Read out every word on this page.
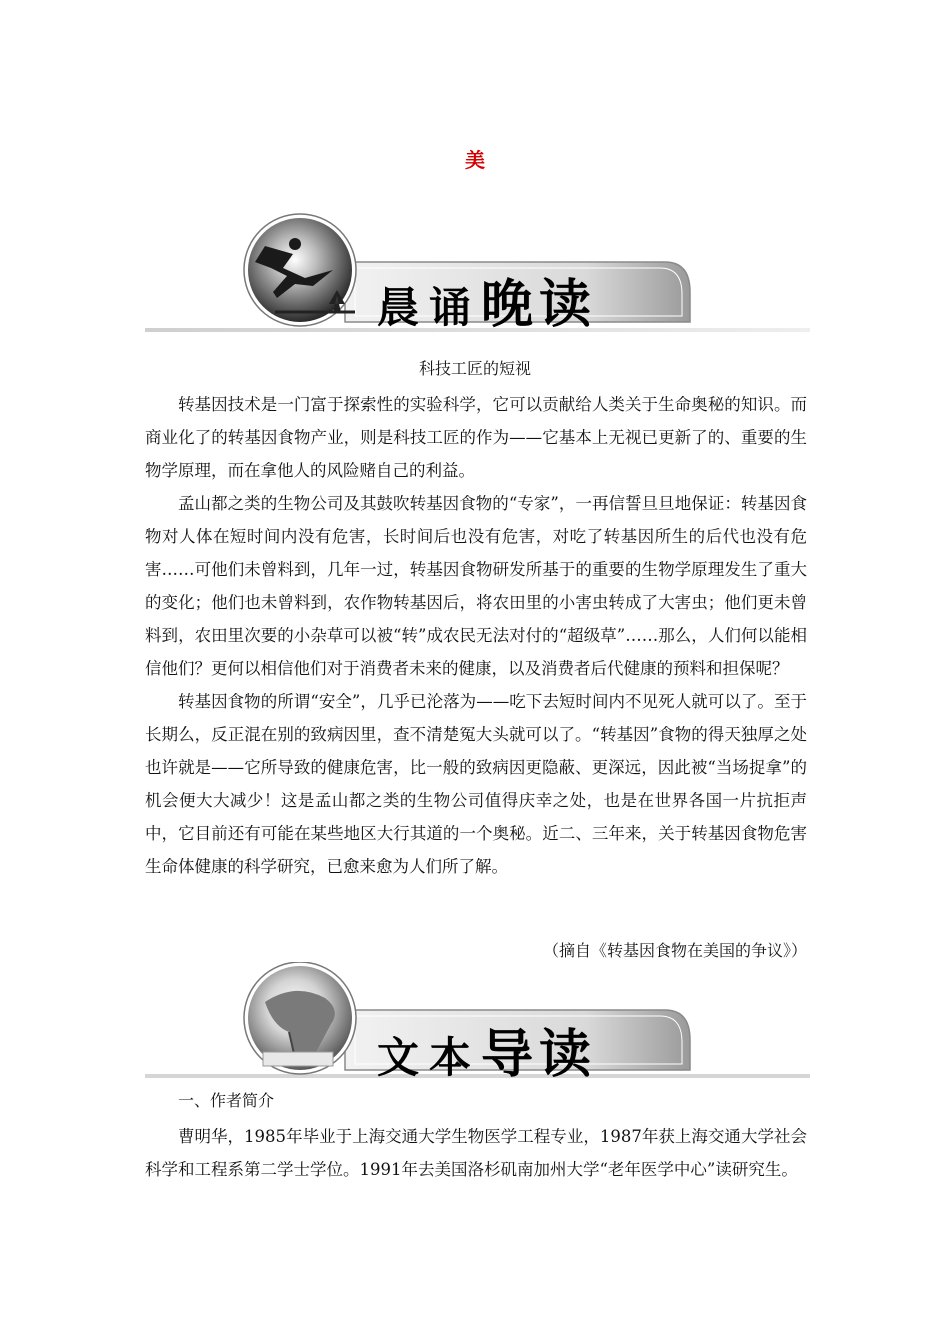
美
晨诵晚读
科技工匠的短视

转基因技术是一门富于探索性的实验科学，它可以贡献给人类关于生命奥秘的知识。而商业化了的转基因食物产业，则是科技工匠的作为——它基本上无视已更新了的、重要的生物学原理，而在拿他人的风险赌自己的利益。

孟山都之类的生物公司及其鼓吹转基因食物的“专家”，一再信誓旦旦地保证：转基因食物对人体在短时间内没有危害，长时间后也没有危害，对吃了转基因所生的后代也没有危害……可他们未曾料到，几年一过，转基因食物研发所基于的重要的生物学原理发生了重大的变化；他们也未曾料到，农作物转基因后，将农田里的小害虫转成了大害虫；他们更未曾料到，农田里次要的小杂草可以被“转”成农民无法对付的“超级草”……那么，人们何以能相信他们？更何以相信他们对于消费者未来的健康，以及消费者后代健康的预料和担保呢？

转基因食物的所谓“安全”，几乎已沦落为——吃下去短时间内不见死人就可以了。至于长期么，反正混在别的致病因里，查不清楚冤大头就可以了。“转基因”食物的得天独厚之处也许就是——它所导致的健康危害，比一般的致病因更隐蔽、更深远，因此被“当场捉拿”的机会便大大减少！这是孟山都之类的生物公司值得庆幸之处，也是在世界各国一片抗拒声中，它目前还有可能在某些地区大行其道的一个奥秘。近二、三年来，关于转基因食物危害生命体健康的科学研究，已愈来愈为人们所了解。

（摘自《转基因食物在美国的争议》）
文本导读
一、作者简介

曹明华，1985年毕业于上海交通大学生物医学工程专业，1987年获上海交通大学社会科学和工程系第二学士学位。1991年去美国洛杉矶南加州大学“老年医学中心”读研究生。
